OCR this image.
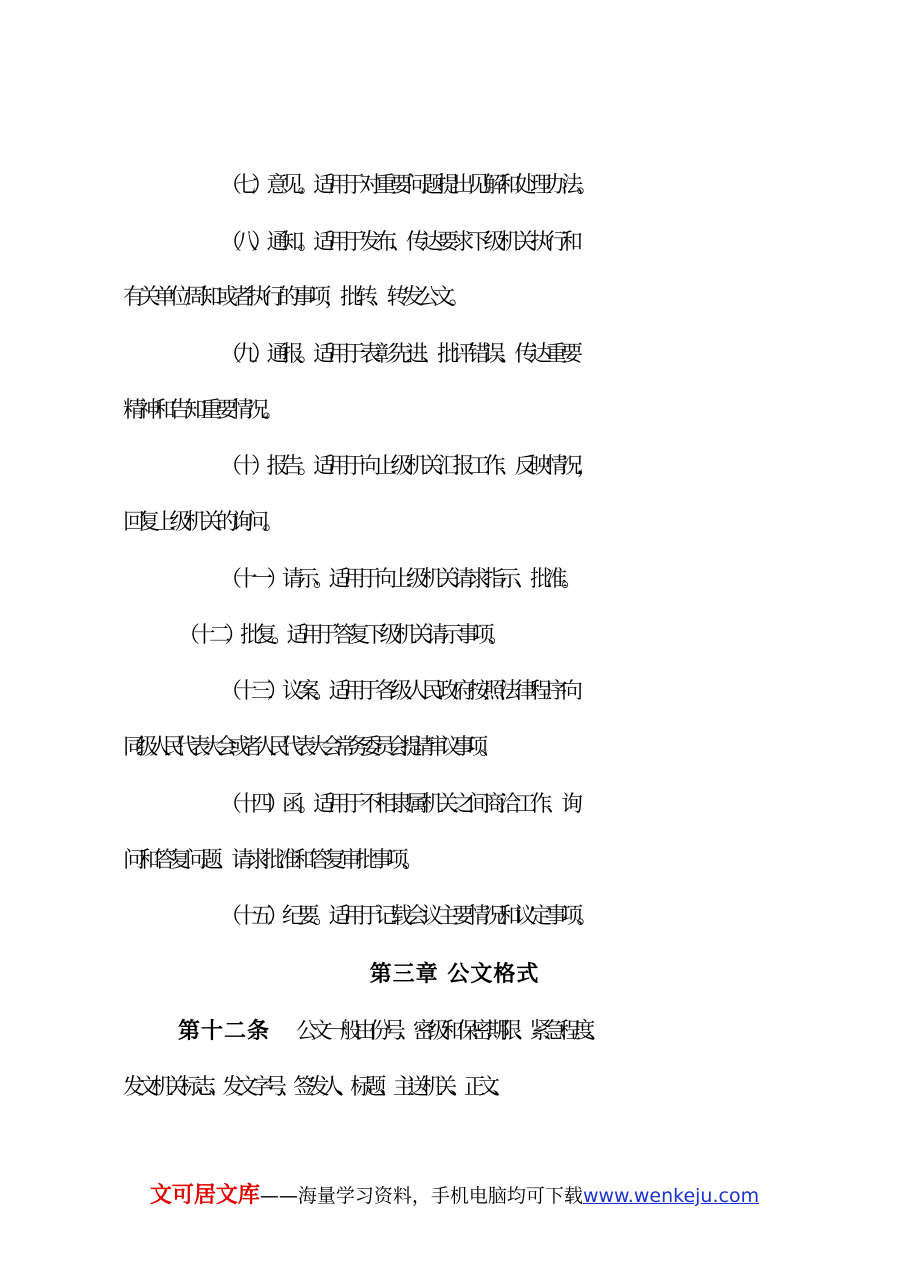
（七）意见。适用于对重要问题提出见解和处理办法。
（八）通知。适用于发布、传达要求下级机关执行和
有关单位周知或者执行的事项，批转、转发公文。
（九）通报。适用于表彰先进、批评错误、传达重要
精神和告知重要情况。
（十）报告。适用于向上级机关汇报工作、反映情况，
回复上级机关的询问。
（十一）请示。适用于向上级机关请求指示、批准。
（十二）批复。适用于答复下级机关请示事项。
（十三）议案。适用于各级人民政府按照法律程序向
同级人民代表大会或者人民代表大会常务委员会提请审议事项。
（十四）函。适用于不相隶属机关之间商洽工作、询
问和答复问题、请求批准和答复审批事项。
（十五）纪要。适用于记载会议主要情况和议定事项。
第三章 公文格式
第十二条 公文一般由份号、密级和保密期限、紧急程度、
发文机关标志、发文字号、签发人、标题、主送机关、正文、
文可居文库——海量学习资料，手机电脑均可下载www.wenkeju.com
